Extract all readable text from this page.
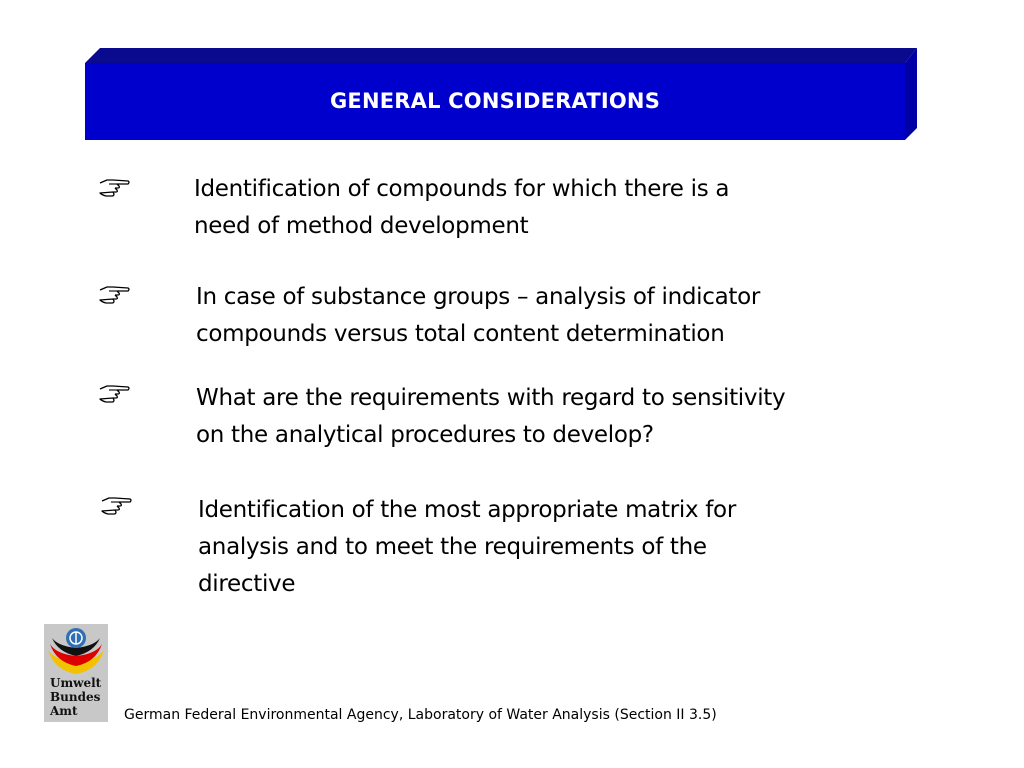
GENERAL CONSIDERATIONS
Identification of compounds for which there is a
need of method development
In case of substance groups – analysis of indicator
compounds versus total content determination
What are the requirements with regard to sensitivity
on the analytical procedures to develop?
Identification of the most appropriate matrix for
analysis and to meet the requirements of the
directive
Umwelt
Bundes
Amt	German Federal Environmental Agency, Laboratory of Water Analysis (Section II 3.5)
